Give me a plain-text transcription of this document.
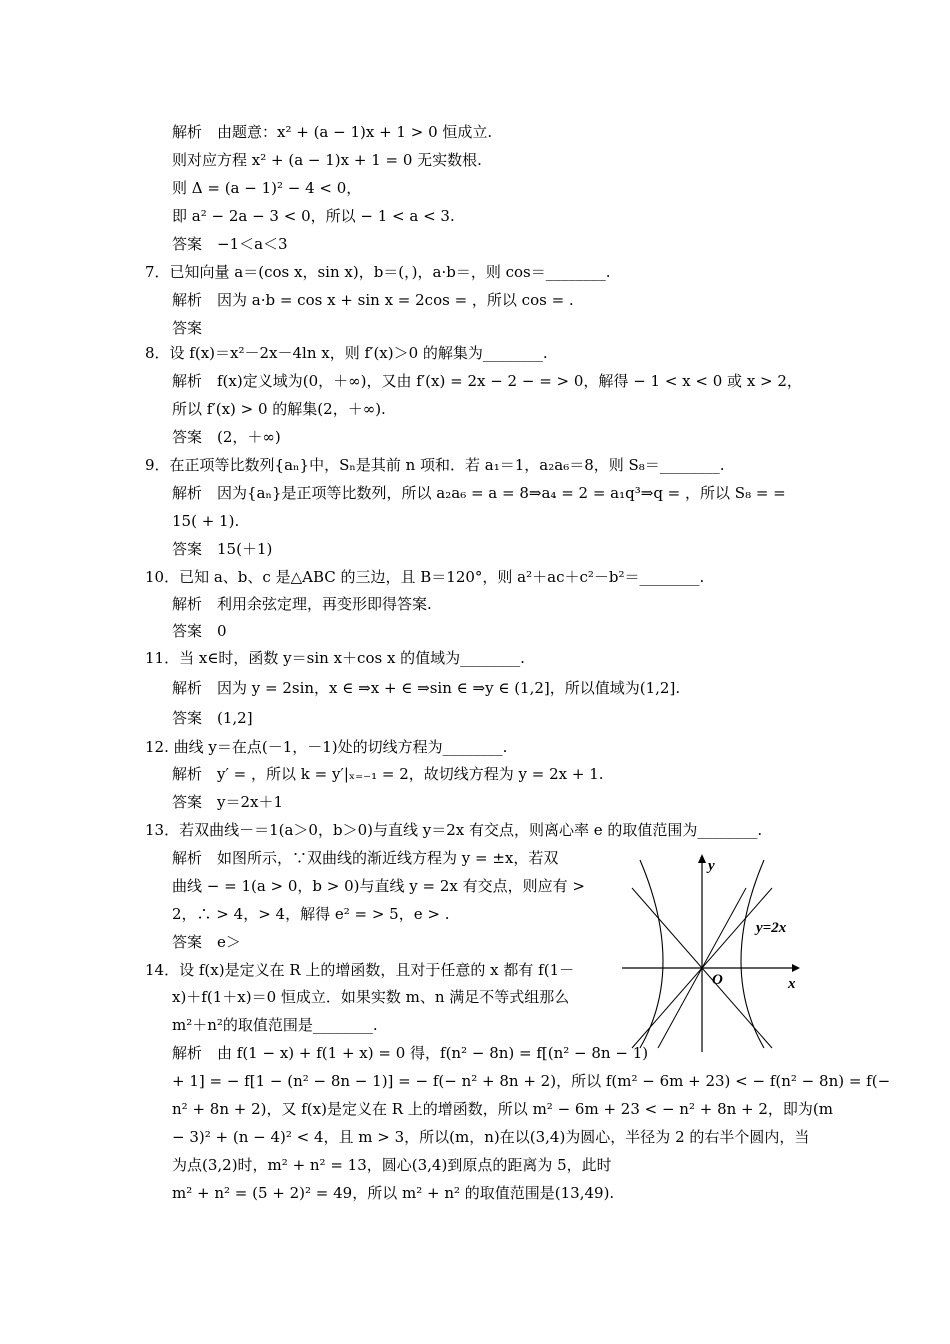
解析　由题意：x² + (a − 1)x + 1 > 0 恒成立.
则对应方程 x² + (a − 1)x + 1 = 0 无实数根.
则 Δ = (a − 1)² − 4 < 0，
即 a² − 2a − 3 < 0，所以 − 1 < a < 3.
答案　−1＜a＜3
7．已知向量 a＝(cos x，sin x)，b＝(，)，a·b＝，则 cos＝________.
解析　因为 a·b = cos x + sin x = 2cos = ，所以 cos = .
答案
8．设 f(x)＝x²－2x－4ln x，则 f′(x)＞0 的解集为________.
解析　f(x)定义域为(0，＋∞)，又由 f′(x) = 2x − 2 − = > 0，解得 − 1 < x < 0 或 x > 2，
所以 f′(x) > 0 的解集(2，＋∞).
答案　(2，＋∞)
9．在正项等比数列{aₙ}中，Sₙ是其前 n 项和．若 a₁＝1，a₂a₆＝8，则 S₈＝________.
解析　因为{aₙ}是正项等比数列，所以 a₂a₆ = a = 8⇒a₄ = 2 = a₁q³⇒q = ，所以 S₈ = =
15( + 1).
答案　15(＋1)
10．已知 a、b、c 是△ABC 的三边，且 B＝120°，则 a²＋ac＋c²－b²＝________.
解析　利用余弦定理，再变形即得答案.
答案　0
11．当 x∈时，函数 y＝sin x＋cos x 的值域为________.
解析　因为 y = 2sin，x ∈ ⇒x + ∈ ⇒sin ∈ ⇒y ∈ (1,2]，所以值域为(1,2].
答案　(1,2]
12. 曲线 y＝在点(－1，－1)处的切线方程为________.
解析　y′ = ，所以 k = y′|ₓ₌₋₁ = 2，故切线方程为 y = 2x + 1.
答案　y＝2x＋1
13．若双曲线－＝1(a＞0，b＞0)与直线 y＝2x 有交点，则离心率 e 的取值范围为________.
解析　如图所示，∵双曲线的渐近线方程为 y = ±x，若双
曲线 − = 1(a > 0，b > 0)与直线 y = 2x 有交点，则应有 >
2，∴ > 4，> 4，解得 e² = > 5，e > .
答案　e＞
14．设 f(x)是定义在 R 上的增函数，且对于任意的 x 都有 f(1－
x)＋f(1＋x)＝0 恒成立．如果实数 m、n 满足不等式组那么
m²＋n²的取值范围是________.
解析　由 f(1 − x) + f(1 + x) = 0 得，f(n² − 8n) = f[(n² − 8n − 1)
+ 1] = − f[1 − (n² − 8n − 1)] = − f(− n² + 8n + 2)，所以 f(m² − 6m + 23) < − f(n² − 8n) = f(−
n² + 8n + 2)，又 f(x)是定义在 R 上的增函数，所以 m² − 6m + 23 < − n² + 8n + 2，即为(m
− 3)² + (n − 4)² < 4，且 m > 3，所以(m，n)在以(3,4)为圆心，半径为 2 的右半个圆内，当
为点(3,2)时，m² + n² = 13，圆心(3,4)到原点的距离为 5，此时
m² + n² = (5 + 2)² = 49，所以 m² + n² 的取值范围是(13,49).
y
x
O
y=2x
